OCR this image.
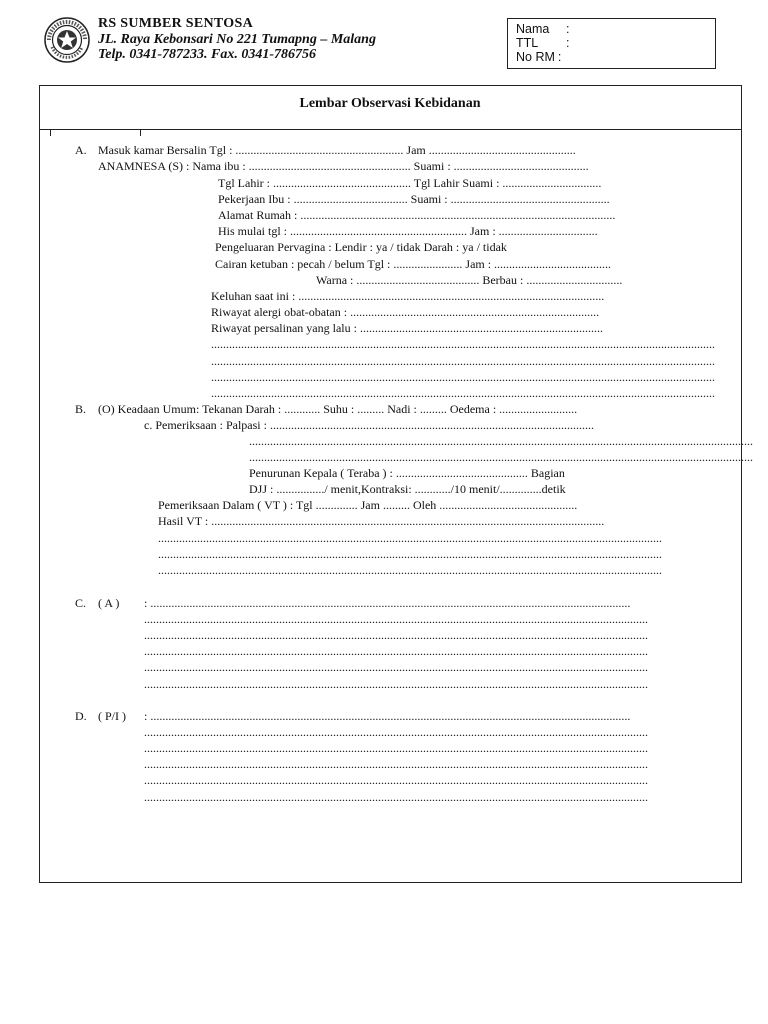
RS SUMBER SENTOSA
JL. Raya Kebonsari No 221 Tumapng – Malang
Telp. 0341-787233. Fax. 0341-786756
Nama :
TTL :
No RM :
Lembar Observasi Kebidanan
A. Masuk kamar Bersalin Tgl : ........................................................ Jam .................................................
ANAMNESA (S) : Nama ibu : ...................................................... Suami : .............................................
Tgl Lahir : .............................................. Tgl Lahir Suami : .................................
Pekerjaan Ibu : ...................................... Suami : .....................................................
Alamat Rumah : .........................................................................................................
His mulai tgl : ........................................................... Jam : .................................
Pengeluaran Pervagina : Lendir : ya / tidak Darah : ya / tidak
Cairan ketuban : pecah / belum Tgl : ....................... Jam : .......................................
Warna : ......................................... Berbau : ................................
Keluhan saat ini : ......................................................................................................
Riwayat alergi obat-obatan : ...................................................................................
Riwayat persalinan yang lalu : .................................................................................
........................................................................................................................................................................
........................................................................................................................................................................
........................................................................................................................................................................
........................................................................................................................................................................
B. (O) Keadaan Umum: Tekanan Darah : ............ Suhu : ......... Nadi : ......... Oedema : ..........................
c. Pemeriksaan : Palpasi : ............................................................................................................
........................................................................................................................................................................
........................................................................................................................................................................
Penurunan Kepala ( Teraba ) : ............................................ Bagian
DJJ : ................/ menit,Kontraksi: ............/10 menit/..............detik
Pemeriksaan Dalam ( VT ) : Tgl .............. Jam ......... Oleh ..............................................
Hasil VT : ...................................................................................................................................
........................................................................................................................................................................
........................................................................................................................................................................
........................................................................................................................................................................
C. ( A ) : ................................................................................................................................................................
........................................................................................................................................................................
........................................................................................................................................................................
........................................................................................................................................................................
........................................................................................................................................................................
........................................................................................................................................................................
D. ( P/I ) : ................................................................................................................................................................
........................................................................................................................................................................
........................................................................................................................................................................
........................................................................................................................................................................
........................................................................................................................................................................
........................................................................................................................................................................
